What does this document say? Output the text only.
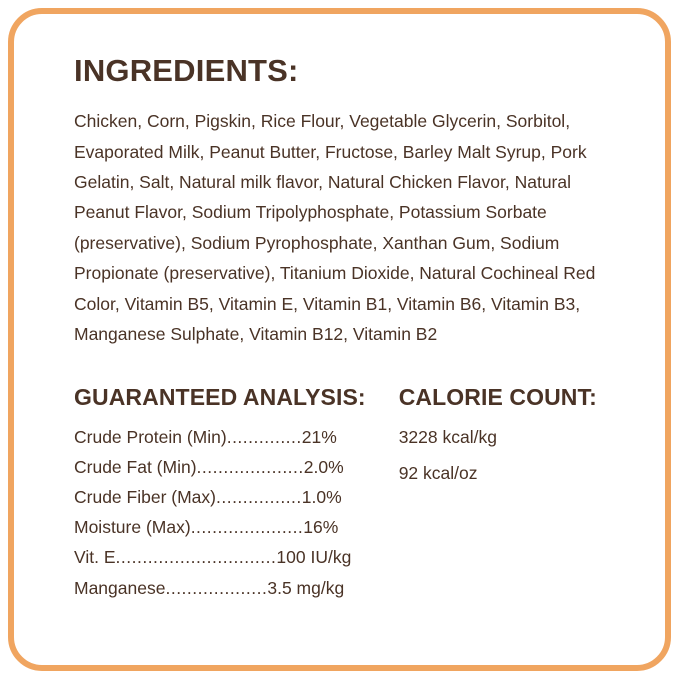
INGREDIENTS:

Chicken, Corn, Pigskin, Rice Flour, Vegetable Glycerin, Sorbitol, Evaporated Milk, Peanut Butter, Fructose, Barley Malt Syrup, Pork Gelatin, Salt, Natural milk flavor, Natural Chicken Flavor, Natural Peanut Flavor, Sodium Tripolyphosphate, Potassium Sorbate (preservative), Sodium Pyrophosphate, Xanthan Gum, Sodium Propionate (preservative), Titanium Dioxide, Natural Cochineal Red Color, Vitamin B5, Vitamin E, Vitamin B1, Vitamin B6, Vitamin B3, Manganese Sulphate, Vitamin B12, Vitamin B2

GUARANTEED ANALYSIS:
Crude Protein (Min)..............21%
Crude Fat (Min)....................2.0%
Crude Fiber (Max)................1.0%
Moisture (Max).....................16%
Vit. E..............................100 IU/kg
Manganese...................3.5 mg/kg
CALORIE COUNT:
3228 kcal/kg
92 kcal/oz
